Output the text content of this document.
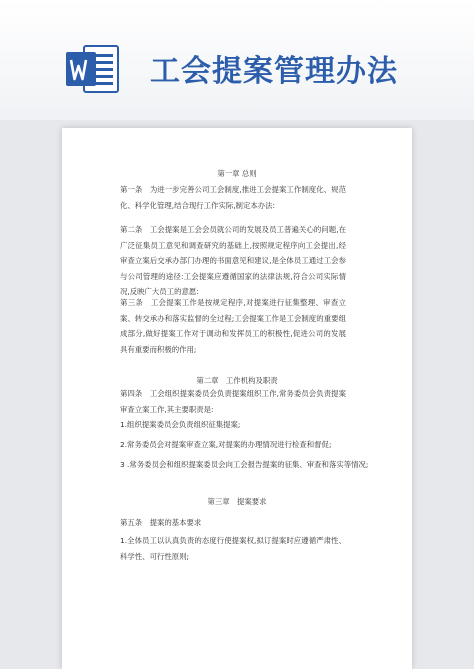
工会提案管理办法
第一章 总则
第一条　为进一步完善公司工会制度,推进工会提案工作制度化、规范化、科学化管理,结合现行工作实际,制定本办法:
第二条　工会提案是工会会员就公司的发展及员工普遍关心的问题,在广泛征集员工意见和调查研究的基础上,按照规定程序向工会提出,经审查立案后交承办部门办理的书面意见和建议,是全体员工通过工会参与公司管理的途径:工会提案应遵循国家的法律法规,符合公司实际情况,反映广大员工的意愿:
第三条　工会提案工作是按规定程序,对提案进行征集整理、审查立案、转交承办和落实监督的全过程;工会提案工作是工会制度的重要组成部分,做好提案工作对于调动和发挥员工的积极性,促进公司的发展具有重要而积极的作用;
第二章　工作机构及职责
第四条　工会组织提案委员会负责提案组织工作,常务委员会负责提案审查立案工作,其主要职责是:
1.组织提案委员会负责组织征集提案;
2.常务委员会对提案审查立案,对提案的办理情况进行检查和督促;
3 .常务委员会和组织提案委员会向工会报告提案的征集、审查和落实等情况;
第三章　提案要求
第五条　提案的基本要求
1.全体员工以认真负责的态度行使提案权,拟订提案时应遵循严肃性、科学性、可行性原则;
